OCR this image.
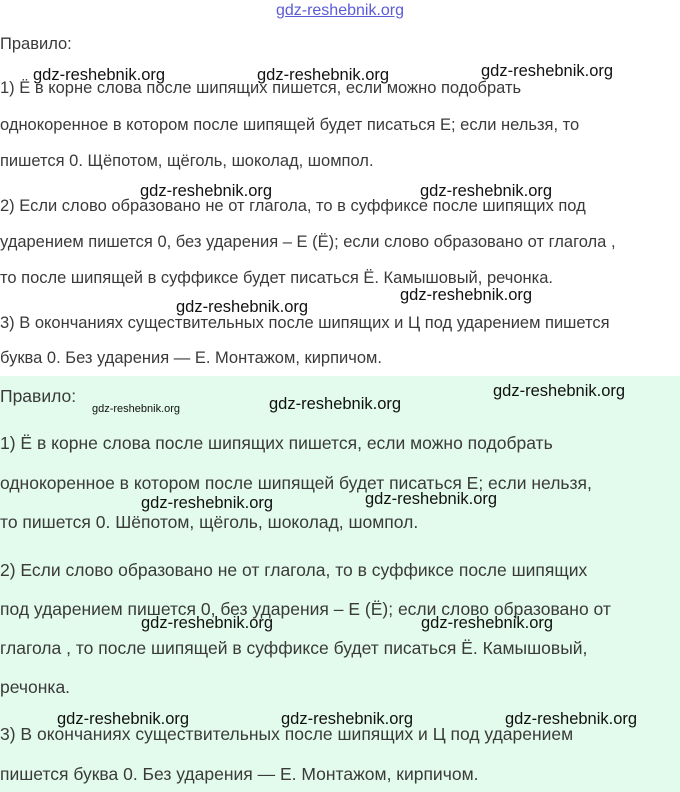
gdz-reshebnik.org
Правило:
1) Ё в корне слова после шипящих пишется, если можно подобрать
однокоренное в котором после шипящей будет писаться Е; если нельзя, то
пишется 0. Щёпотом, щёголь, шоколад, шомпол.
2) Если слово образовано не от глагола, то в суффиксе после шипящих под
ударением пишется 0, без ударения – Е (Ё); если слово образовано от глагола ,
то после шипящей в суффиксе будет писаться Ё. Камышовый, речонка.
3) В окончаниях существительных после шипящих и Ц под ударением пишется
буква 0. Без ударения — Е. Монтажом, кирпичом.
Правило:
1) Ё в корне слова после шипящих пишется, если можно подобрать
однокоренное в котором после шипящей будет писаться Е; если нельзя,
то пишется 0. Шёпотом, щёголь, шоколад, шомпол.
2) Если слово образовано не от глагола, то в суффиксе после шипящих
под ударением пишется 0, без ударения – Е (Ё); если слово образовано от
глагола , то после шипящей в суффиксе будет писаться Ё. Камышовый,
речонка.
3) В окончаниях существительных после шипящих и Ц под ударением
пишется буква 0. Без ударения — Е. Монтажом, кирпичом.
gdz-reshebnik.org	gdz-reshebnik.org	gdz-reshebnik.org
gdz-reshebnik.org	gdz-reshebnik.org
gdz-reshebnik.org
gdz-reshebnik.org
gdz-reshebnik.org
gdz-reshebnik.org	gdz-reshebnik.org
gdz-reshebnik.org	gdz-reshebnik.org
gdz-reshebnik.org	gdz-reshebnik.org
gdz-reshebnik.org	gdz-reshebnik.org	gdz-reshebnik.org
